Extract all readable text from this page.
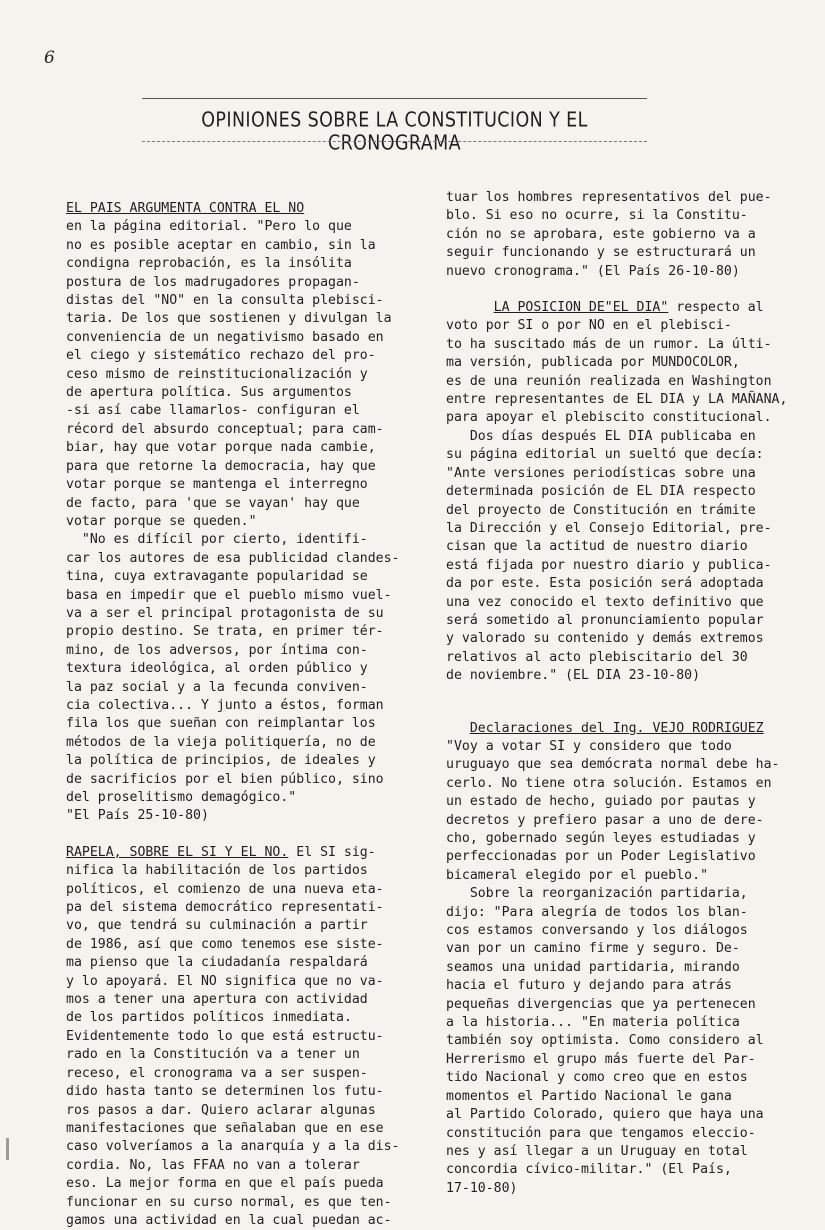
6
OPINIONES SOBRE LA CONSTITUCION Y EL CRONOGRAMA
EL PAIS ARGUMENTA CONTRA EL NO
en la página editorial. "Pero lo que
no es posible aceptar en cambio, sin la
condigna reprobación, es la insólita
postura de los madrugadores propagan-
distas del "NO" en la consulta plebisci-
taria. De los que sostienen y divulgan la
conveniencia de un negativismo basado en
el ciego y sistemático rechazo del pro-
ceso mismo de reinstitucionalización y
de apertura política. Sus argumentos
-si así cabe llamarlos- configuran el
récord del absurdo conceptual; para cam-
biar, hay que votar porque nada cambie,
para que retorne la democracia, hay que
votar porque se mantenga el interregno
de facto, para 'que se vayan' hay que
votar porque se queden."
"No es difícil por cierto, identifi-
car los autores de esa publicidad clandes-
tina, cuya extravagante popularidad se
basa en impedir que el pueblo mismo vuel-
va a ser el principal protagonista de su
propio destino. Se trata, en primer tér-
mino, de los adversos, por íntima con-
textura ideológica, al orden público y
la paz social y a la fecunda conviven-
cia colectiva... Y junto a éstos, forman
fila los que sueñan con reimplantar los
métodos de la vieja politiquería, no de
la política de principios, de ideales y
de sacrificios por el bien público, sino
del proselitismo demagógico."
"El País 25-10-80)
RAPELA, SOBRE EL SI Y EL NO. El SI sig-
nifica la habilitación de los partidos
políticos, el comienzo de una nueva eta-
pa del sistema democrático representati-
vo, que tendrá su culminación a partir
de 1986, así que como tenemos ese siste-
ma pienso que la ciudadanía respaldará
y lo apoyará. El NO significa que no va-
mos a tener una apertura con actividad
de los partidos políticos inmediata.
Evidentemente todo lo que está estructu-
rado en la Constitución va a tener un
receso, el cronograma va a ser suspen-
dido hasta tanto se determinen los futu-
ros pasos a dar. Quiero aclarar algunas
manifestaciones que señalaban que en ese
caso volveríamos a la anarquía y a la dis-
cordia. No, las FFAA no van a tolerar
eso. La mejor forma en que el país pueda
funcionar en su curso normal, es que ten-
gamos una actividad en la cual puedan ac-
tuar los hombres representativos del pue-
blo. Si eso no ocurre, si la Constitu-
ción no se aprobara, este gobierno va a
seguir funcionando y se estructurará un
nuevo cronograma." (El País 26-10-80)
LA POSICION DE"EL DIA" respecto al
voto por SI o por NO en el plebisci-
to ha suscitado más de un rumor. La últi-
ma versión, publicada por MUNDOCOLOR,
es de una reunión realizada en Washington
entre representantes de EL DIA y LA MAÑANA,
para apoyar el plebiscito constitucional.
Dos días después EL DIA publicaba en
su página editorial un sueltó que decía:
"Ante versiones periodísticas sobre una
determinada posición de EL DIA respecto
del proyecto de Constitución en trámite
la Dirección y el Consejo Editorial, pre-
cisan que la actitud de nuestro diario
está fijada por nuestro diario y publica-
da por este. Esta posición será adoptada
una vez conocido el texto definitivo que
será sometido al pronunciamiento popular
y valorado su contenido y demás extremos
relativos al acto plebiscitario del 30
de noviembre." (EL DIA 23-10-80)
Declaraciones del Ing. VEJO RODRIGUEZ
"Voy a votar SI y considero que todo
uruguayo que sea demócrata normal debe ha-
cerlo. No tiene otra solución. Estamos en
un estado de hecho, guiado por pautas y
decretos y prefiero pasar a uno de dere-
cho, gobernado según leyes estudiadas y
perfeccionadas por un Poder Legislativo
bicameral elegido por el pueblo."
Sobre la reorganización partidaria,
dijo: "Para alegría de todos los blan-
cos estamos conversando y los diálogos
van por un camino firme y seguro. De-
seamos una unidad partidaria, mirando
hacia el futuro y dejando para atrás
pequeñas divergencias que ya pertenecen
a la historia... "En materia política
también soy optimista. Como considero al
Herrerismo el grupo más fuerte del Par-
tido Nacional y como creo que en estos
momentos el Partido Nacional le gana
al Partido Colorado, quiero que haya una
constitución para que tengamos eleccio-
nes y así llegar a un Uruguay en total
concordia cívico-militar." (El País,
17-10-80)
